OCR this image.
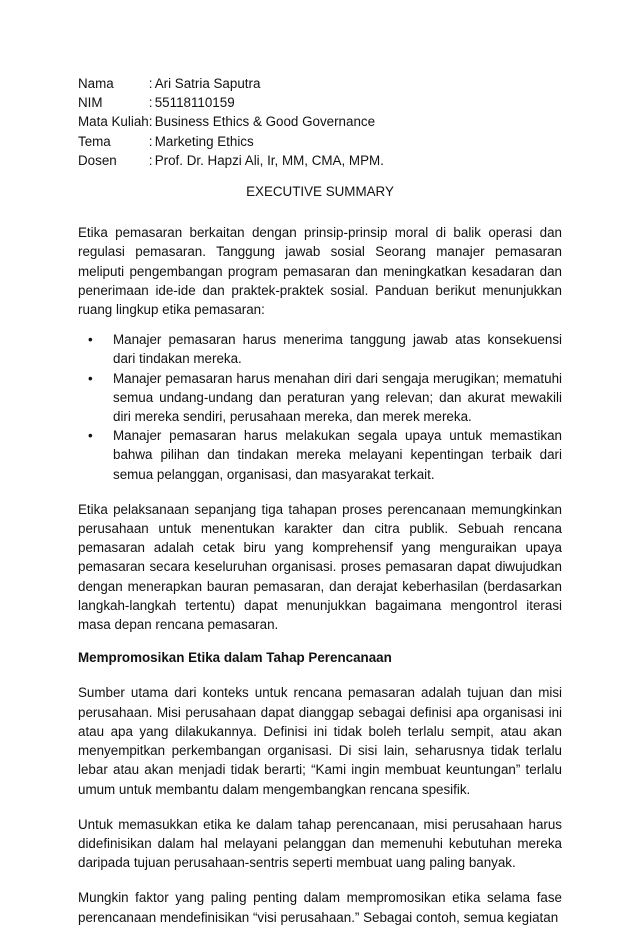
Nama	:	Ari Satria Saputra
NIM	:	55118110159
Mata Kuliah	:	Business Ethics & Good Governance
Tema	:	Marketing Ethics
Dosen	:	Prof. Dr. Hapzi Ali, Ir, MM, CMA, MPM.
EXECUTIVE SUMMARY

Etika pemasaran berkaitan dengan prinsip-prinsip moral di balik operasi dan regulasi pemasaran. Tanggung jawab sosial Seorang manajer pemasaran meliputi pengembangan program pemasaran dan meningkatkan kesadaran dan penerimaan ide-ide dan praktek-praktek sosial. Panduan berikut menunjukkan ruang lingkup etika pemasaran:

• Manajer pemasaran harus menerima tanggung jawab atas konsekuensi dari tindakan mereka.
• Manajer pemasaran harus menahan diri dari sengaja merugikan; mematuhi semua undang-undang dan peraturan yang relevan; dan akurat mewakili diri mereka sendiri, perusahaan mereka, dan merek mereka.
• Manajer pemasaran harus melakukan segala upaya untuk memastikan bahwa pilihan dan tindakan mereka melayani kepentingan terbaik dari semua pelanggan, organisasi, dan masyarakat terkait.

Etika pelaksanaan sepanjang tiga tahapan proses perencanaan memungkinkan perusahaan untuk menentukan karakter dan citra publik. Sebuah rencana pemasaran adalah cetak biru yang komprehensif yang menguraikan upaya pemasaran secara keseluruhan organisasi. proses pemasaran dapat diwujudkan dengan menerapkan bauran pemasaran, dan derajat keberhasilan (berdasarkan langkah-langkah tertentu) dapat menunjukkan bagaimana mengontrol iterasi masa depan rencana pemasaran.

Mempromosikan Etika dalam Tahap Perencanaan

Sumber utama dari konteks untuk rencana pemasaran adalah tujuan dan misi perusahaan. Misi perusahaan dapat dianggap sebagai definisi apa organisasi ini atau apa yang dilakukannya. Definisi ini tidak boleh terlalu sempit, atau akan menyempitkan perkembangan organisasi. Di sisi lain, seharusnya tidak terlalu lebar atau akan menjadi tidak berarti; “Kami ingin membuat keuntungan” terlalu umum untuk membantu dalam mengembangkan rencana spesifik.

Untuk memasukkan etika ke dalam tahap perencanaan, misi perusahaan harus didefinisikan dalam hal melayani pelanggan dan memenuhi kebutuhan mereka daripada tujuan perusahaan-sentris seperti membuat uang paling banyak.

Mungkin faktor yang paling penting dalam mempromosikan etika selama fase perencanaan mendefinisikan “visi perusahaan.” Sebagai contoh, semua kegiatan
